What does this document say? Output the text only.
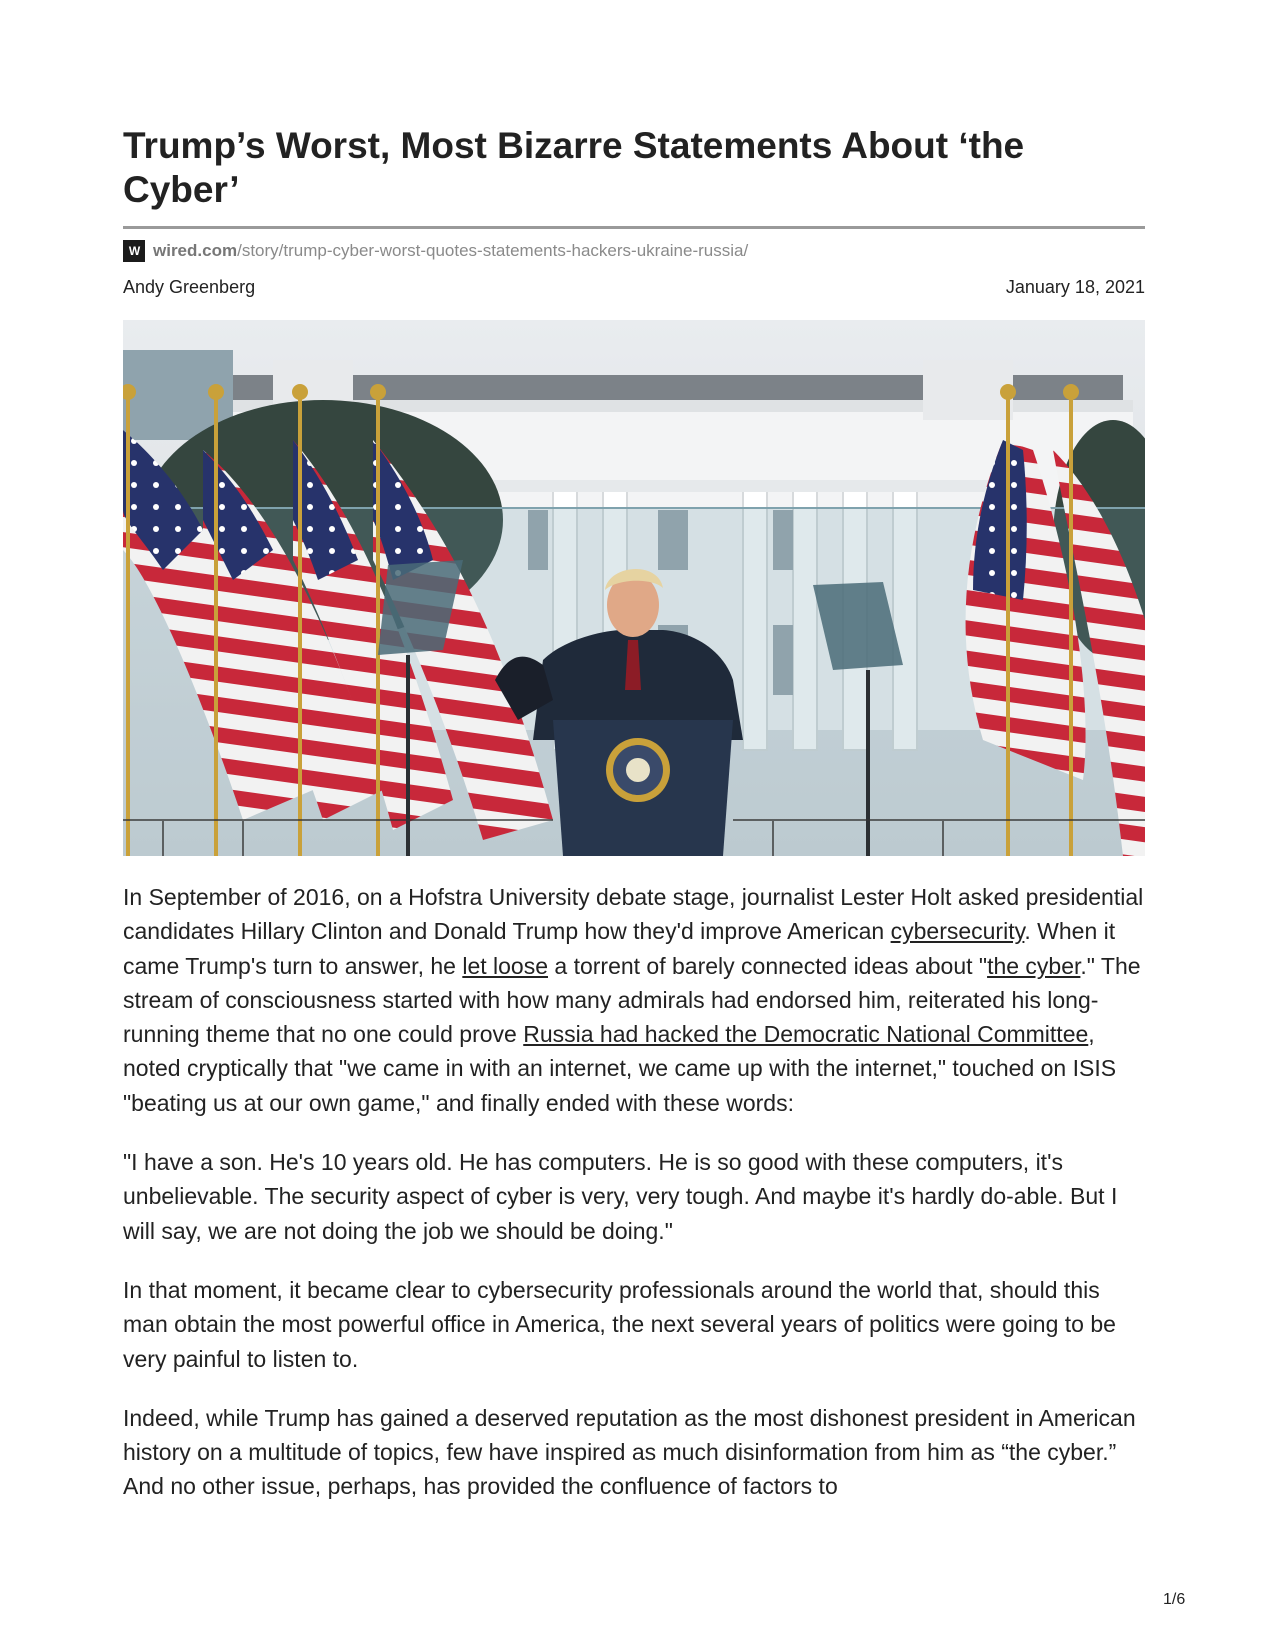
Trump’s Worst, Most Bizarre Statements About ‘the Cyber’
W wired.com /story/trump-cyber-worst-quotes-statements-hackers-ukraine-russia/
Andy Greenberg	January 18, 2021

In September of 2016, on a Hofstra University debate stage, journalist Lester Holt asked presidential candidates Hillary Clinton and Donald Trump how they'd improve American cybersecurity. When it came Trump's turn to answer, he let loose a torrent of barely connected ideas about "the cyber." The stream of consciousness started with how many admirals had endorsed him, reiterated his long-running theme that no one could prove Russia had hacked the Democratic National Committee, noted cryptically that "we came in with an internet, we came up with the internet," touched on ISIS "beating us at our own game," and finally ended with these words:

"I have a son. He's 10 years old. He has computers. He is so good with these computers, it's unbelievable. The security aspect of cyber is very, very tough. And maybe it's hardly do-able. But I will say, we are not doing the job we should be doing."

In that moment, it became clear to cybersecurity professionals around the world that, should this man obtain the most powerful office in America, the next several years of politics were going to be very painful to listen to.

Indeed, while Trump has gained a deserved reputation as the most dishonest president in American history on a multitude of topics, few have inspired as much disinformation from him as “the cyber.” And no other issue, perhaps, has provided the confluence of factors to

1/6
